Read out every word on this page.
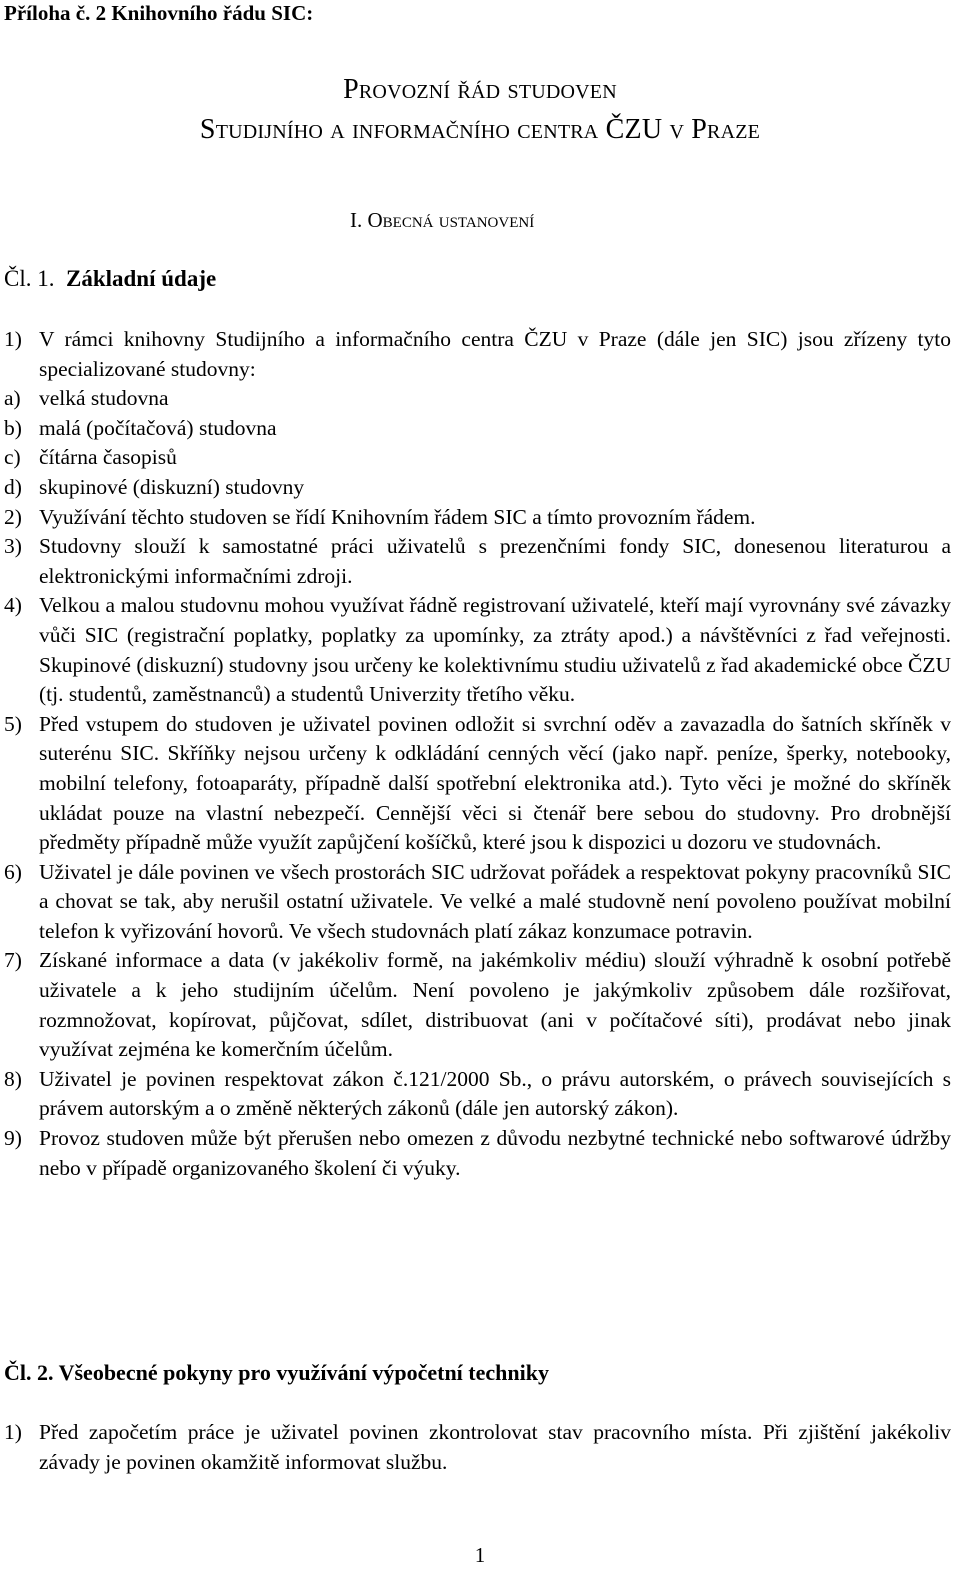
Příloha č. 2 Knihovního řádu SIC:
Provozní řád studoven
Studijního a informačního centra ČZU v Praze
I. Obecná ustanovení
Čl. 1. Základní údaje
1) V rámci knihovny Studijního a informačního centra ČZU v Praze (dále jen SIC) jsou zřízeny tyto specializované studovny:
a) velká studovna
b) malá (počítačová) studovna
c) čítárna časopisů
d) skupinové (diskuzní) studovny
2) Využívání těchto studoven se řídí Knihovním řádem SIC a tímto provozním řádem.
3) Studovny slouží k samostatné práci uživatelů s prezenčními fondy SIC, donesenou literaturou a elektronickými informačními zdroji.
4) Velkou a malou studovnu mohou využívat řádně registrovaní uživatelé, kteří mají vyrovnány své závazky vůči SIC (registrační poplatky, poplatky za upomínky, za ztráty apod.) a návštěvníci z řad veřejnosti. Skupinové (diskuzní) studovny jsou určeny ke kolektivnímu studiu uživatelů z řad akademické obce ČZU (tj. studentů, zaměstnanců) a studentů Univerzity třetího věku.
5) Před vstupem do studoven je uživatel povinen odložit si svrchní oděv a zavazadla do šatních skříněk v suterénu SIC. Skříňky nejsou určeny k odkládání cenných věcí (jako např. peníze, šperky, notebooky, mobilní telefony, fotoaparáty, případně další spotřební elektronika atd.). Tyto věci je možné do skříněk ukládat pouze na vlastní nebezpečí. Cennější věci si čtenář bere sebou do studovny. Pro drobnější předměty případně může využít zapůjčení košíčků, které jsou k dispozici u dozoru ve studovnách.
6) Uživatel je dále povinen ve všech prostorách SIC udržovat pořádek a respektovat pokyny pracovníků SIC a chovat se tak, aby nerušil ostatní uživatele. Ve velké a malé studovně není povoleno používat mobilní telefon k vyřizování hovorů. Ve všech studovnách platí zákaz konzumace potravin.
7) Získané informace a data (v jakékoliv formě, na jakémkoliv médiu) slouží výhradně k osobní potřebě uživatele a k jeho studijním účelům. Není povoleno je jakýmkoliv způsobem dále rozšiřovat, rozmnožovat, kopírovat, půjčovat, sdílet, distribuovat (ani v počítačové síti), prodávat nebo jinak využívat zejména ke komerčním účelům.
8) Uživatel je povinen respektovat zákon č.121/2000 Sb., o právu autorském, o právech souvisejících s právem autorským a o změně některých zákonů (dále jen autorský zákon).
9) Provoz studoven může být přerušen nebo omezen z důvodu nezbytné technické nebo softwarové údržby nebo v případě organizovaného školení či výuky.
Čl. 2. Všeobecné pokyny pro využívání výpočetní techniky
1) Před započetím práce je uživatel povinen zkontrolovat stav pracovního místa. Při zjištění jakékoliv závady je povinen okamžitě informovat službu.
1
